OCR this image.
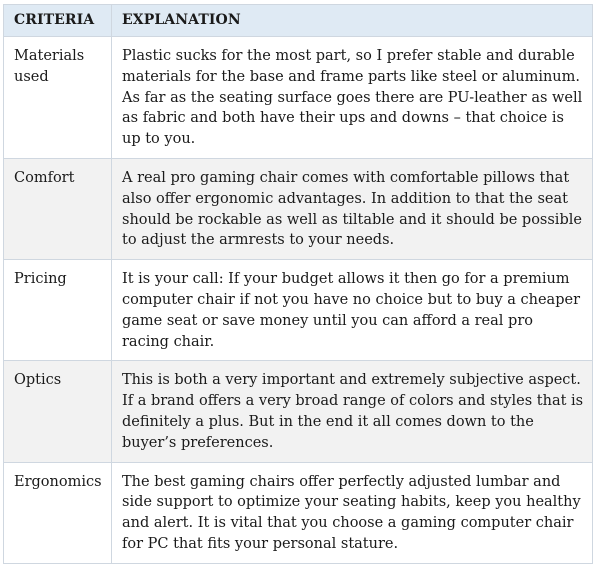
CRITERIA	EXPLANATION
Materials used	Plastic sucks for the most part, so I prefer stable and durable materials for the base and frame parts like steel or aluminum. As far as the seating surface goes there are PU-leather as well as fabric and both have their ups and downs – that choice is up to you.
Comfort	A real pro gaming chair comes with comfortable pillows that also offer ergonomic advantages. In addition to that the seat should be rockable as well as tiltable and it should be possible to adjust the armrests to your needs.
Pricing	It is your call: If your budget allows it then go for a premium computer chair if not you have no choice but to buy a cheaper game seat or save money until you can afford a real pro racing chair.
Optics	This is both a very important and extremely subjective aspect. If a brand offers a very broad range of colors and styles that is definitely a plus. But in the end it all comes down to the buyer’s preferences.
Ergonomics	The best gaming chairs offer perfectly adjusted lumbar and side support to optimize your seating habits, keep you healthy and alert. It is vital that you choose a gaming computer chair for PC that fits your personal stature.
